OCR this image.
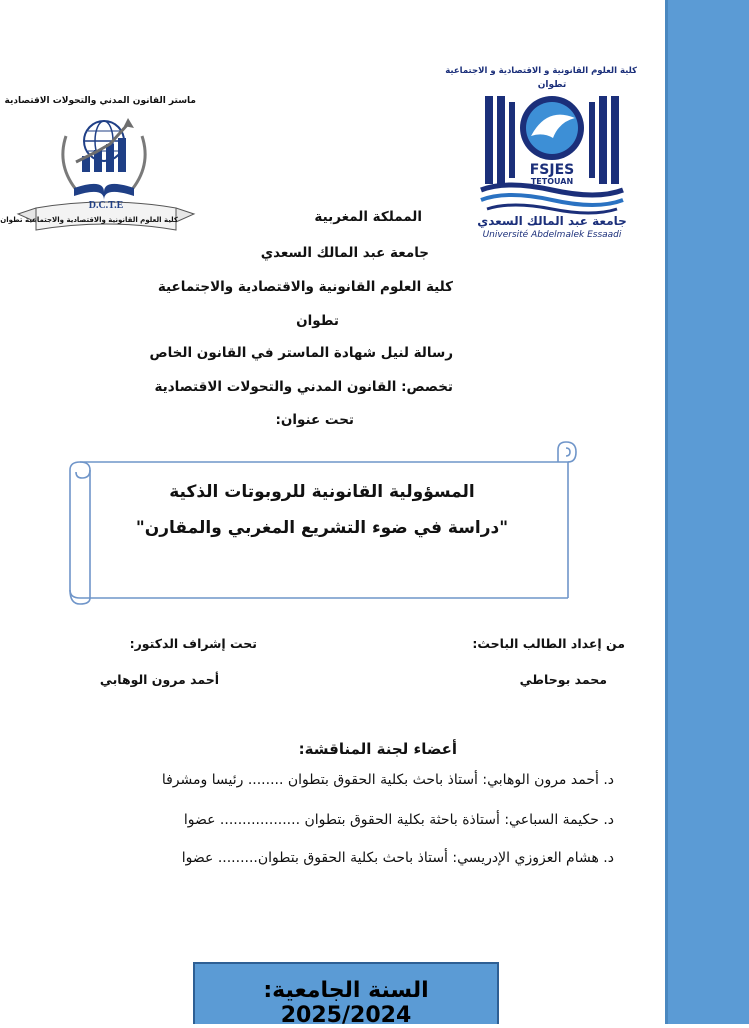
ماستر القانون المدني والتحولات الاقتصادية
D.C.T.E
كلية العلوم القانونية والاقتصادية والاجتماعية تطوان
كلية العلوم القانونية و الاقتصادية و الاجتماعية
تطوان
FSJES
TETOUAN
جامعة عبد المالك السعدي
Université Abdelmalek Essaadi
المملكة المغربية
جامعة عبد المالك السعدي
كلية العلوم القانونية والاقتصادية والاجتماعية
تطوان
رسالة لنيل شهادة الماستر في القانون الخاص
تخصص: القانون المدني والتحولات الاقتصادية
تحت عنوان:
المسؤولية القانونية للروبوتات الذكية
"دراسة في ضوء التشريع المغربي والمقارن"
من إعداد الطالب الباحث:
محمد بوحاطي
تحت إشراف الدكتور:
أحمد مرون الوهابي
أعضاء لجنة المناقشة:
د. أحمد مرون الوهابي: أستاذ باحث بكلية الحقوق بتطوان ........ رئيسا ومشرفا
د. حكيمة السباعي: أستاذة باحثة بكلية الحقوق بتطوان .................. عضوا
د. هشام العزوزي الإدريسي: أستاذ باحث بكلية الحقوق بتطوان......... عضوا
السنة الجامعية: 2025/2024
